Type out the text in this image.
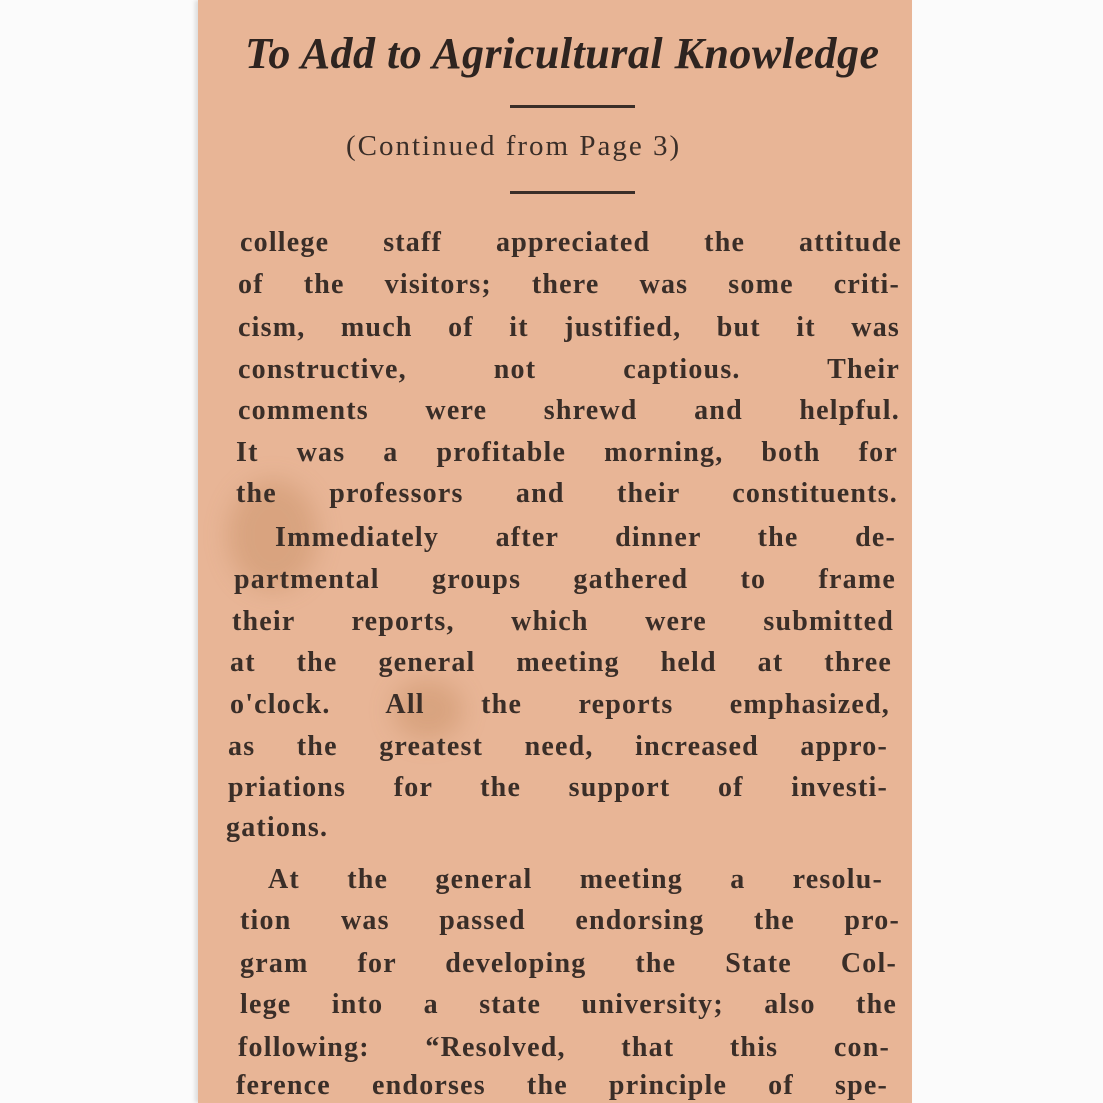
To Add to Agricultural Knowledge
(Continued from Page 3)
college staff appreciated the attitude
of the visitors; there was some criti-
cism, much of it justified, but it was
constructive, not captious. Their
comments were shrewd and helpful.
It was a profitable morning, both for
the professors and their constituents.
Immediately after dinner the de-
partmental groups gathered to frame
their reports, which were submitted
at the general meeting held at three
o'clock. All the reports emphasized,
as the greatest need, increased appro-
priations for the support of investi-
gations.
At the general meeting a resolu-
tion was passed endorsing the pro-
gram for developing the State Col-
lege into a state university; also the
following: “Resolved, that this con-
ference endorses the principle of spe-
